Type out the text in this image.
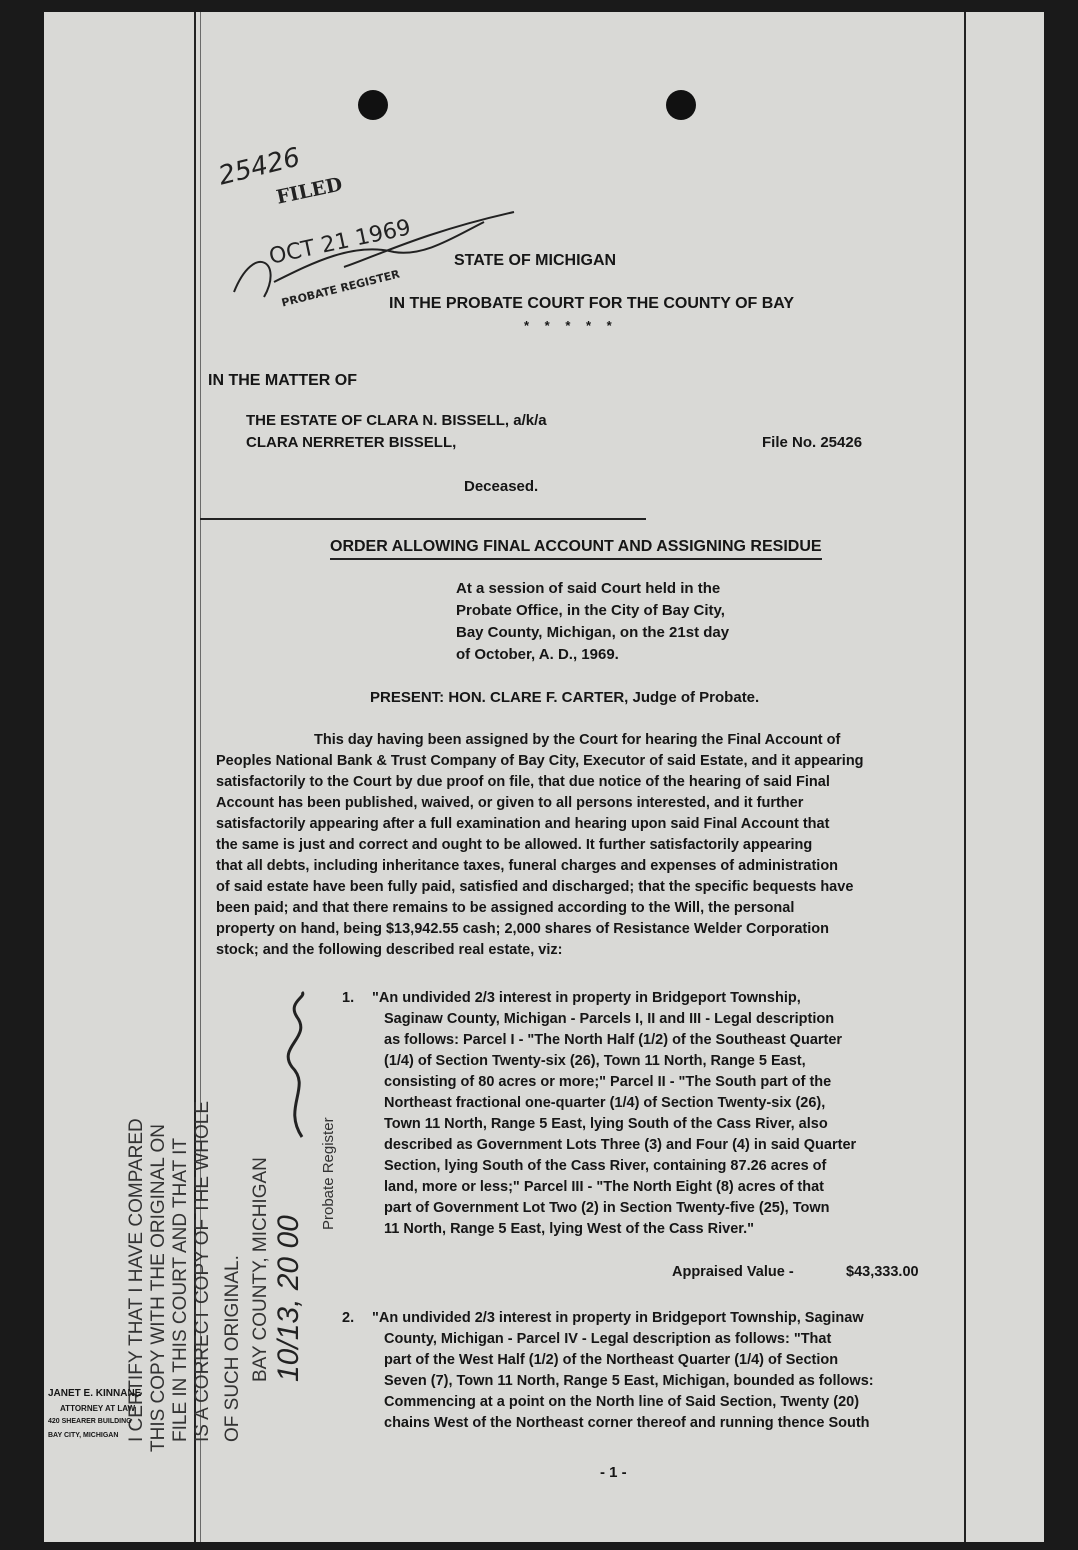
25426
FILED
OCT 21 1969
PROBATE REGISTER
STATE OF MICHIGAN
IN THE PROBATE COURT FOR THE COUNTY OF BAY
* * * * *
IN THE MATTER OF
THE ESTATE OF CLARA N. BISSELL, a/k/a
CLARA NERRETER BISSELL,	File No. 25426
Deceased.
ORDER ALLOWING FINAL ACCOUNT AND ASSIGNING RESIDUE
At a session of said Court held in the
Probate Office, in the City of Bay City,
Bay County, Michigan, on the 21st day
of October, A. D., 1969.
PRESENT: HON. CLARE F. CARTER, Judge of Probate.
This day having been assigned by the Court for hearing the Final Account of
Peoples National Bank & Trust Company of Bay City, Executor of said Estate, and it appearing
satisfactorily to the Court by due proof on file, that due notice of the hearing of said Final
Account has been published, waived, or given to all persons interested, and it further
satisfactorily appearing after a full examination and hearing upon said Final Account that
the same is just and correct and ought to be allowed. It further satisfactorily appearing
that all debts, including inheritance taxes, funeral charges and expenses of administration
of said estate have been fully paid, satisfied and discharged; that the specific bequests have
been paid; and that there remains to be assigned according to the Will, the personal
property on hand, being $13,942.55 cash; 2,000 shares of Resistance Welder Corporation
stock; and the following described real estate, viz:
1. "An undivided 2/3 interest in property in Bridgeport Township,
Saginaw County, Michigan - Parcels I, II and III - Legal description
as follows: Parcel I - "The North Half (1/2) of the Southeast Quarter
(1/4) of Section Twenty-six (26), Town 11 North, Range 5 East,
consisting of 80 acres or more;" Parcel II - "The South part of the
Northeast fractional one-quarter (1/4) of Section Twenty-six (26),
Town 11 North, Range 5 East, lying South of the Cass River, also
described as Government Lots Three (3) and Four (4) in said Quarter
Section, lying South of the Cass River, containing 87.26 acres of
land, more or less;" Parcel III - "The North Eight (8) acres of that
part of Government Lot Two (2) in Section Twenty-five (25), Town
11 North, Range 5 East, lying West of the Cass River."
Appraised Value -	$43,333.00
2. "An undivided 2/3 interest in property in Bridgeport Township, Saginaw
County, Michigan - Parcel IV - Legal description as follows: "That
part of the West Half (1/2) of the Northeast Quarter (1/4) of Section
Seven (7), Town 11 North, Range 5 East, Michigan, bounded as follows:
Commencing at a point on the North line of Said Section, Twenty (20)
chains West of the Northeast corner thereof and running thence South
I CERTIFY THAT I HAVE COMPARED THIS COPY WITH THE ORIGINAL ON FILE IN THIS COURT AND THAT IT IS A CORRECT COPY OF THE WHOLE OF SUCH ORIGINAL. BAY COUNTY, MICHIGAN 10/13, 20 00
Probate Register
JANET E. KINNANE
ATTORNEY AT LAW
420 SHEARER BUILDING
BAY CITY, MICHIGAN
- 1 -
